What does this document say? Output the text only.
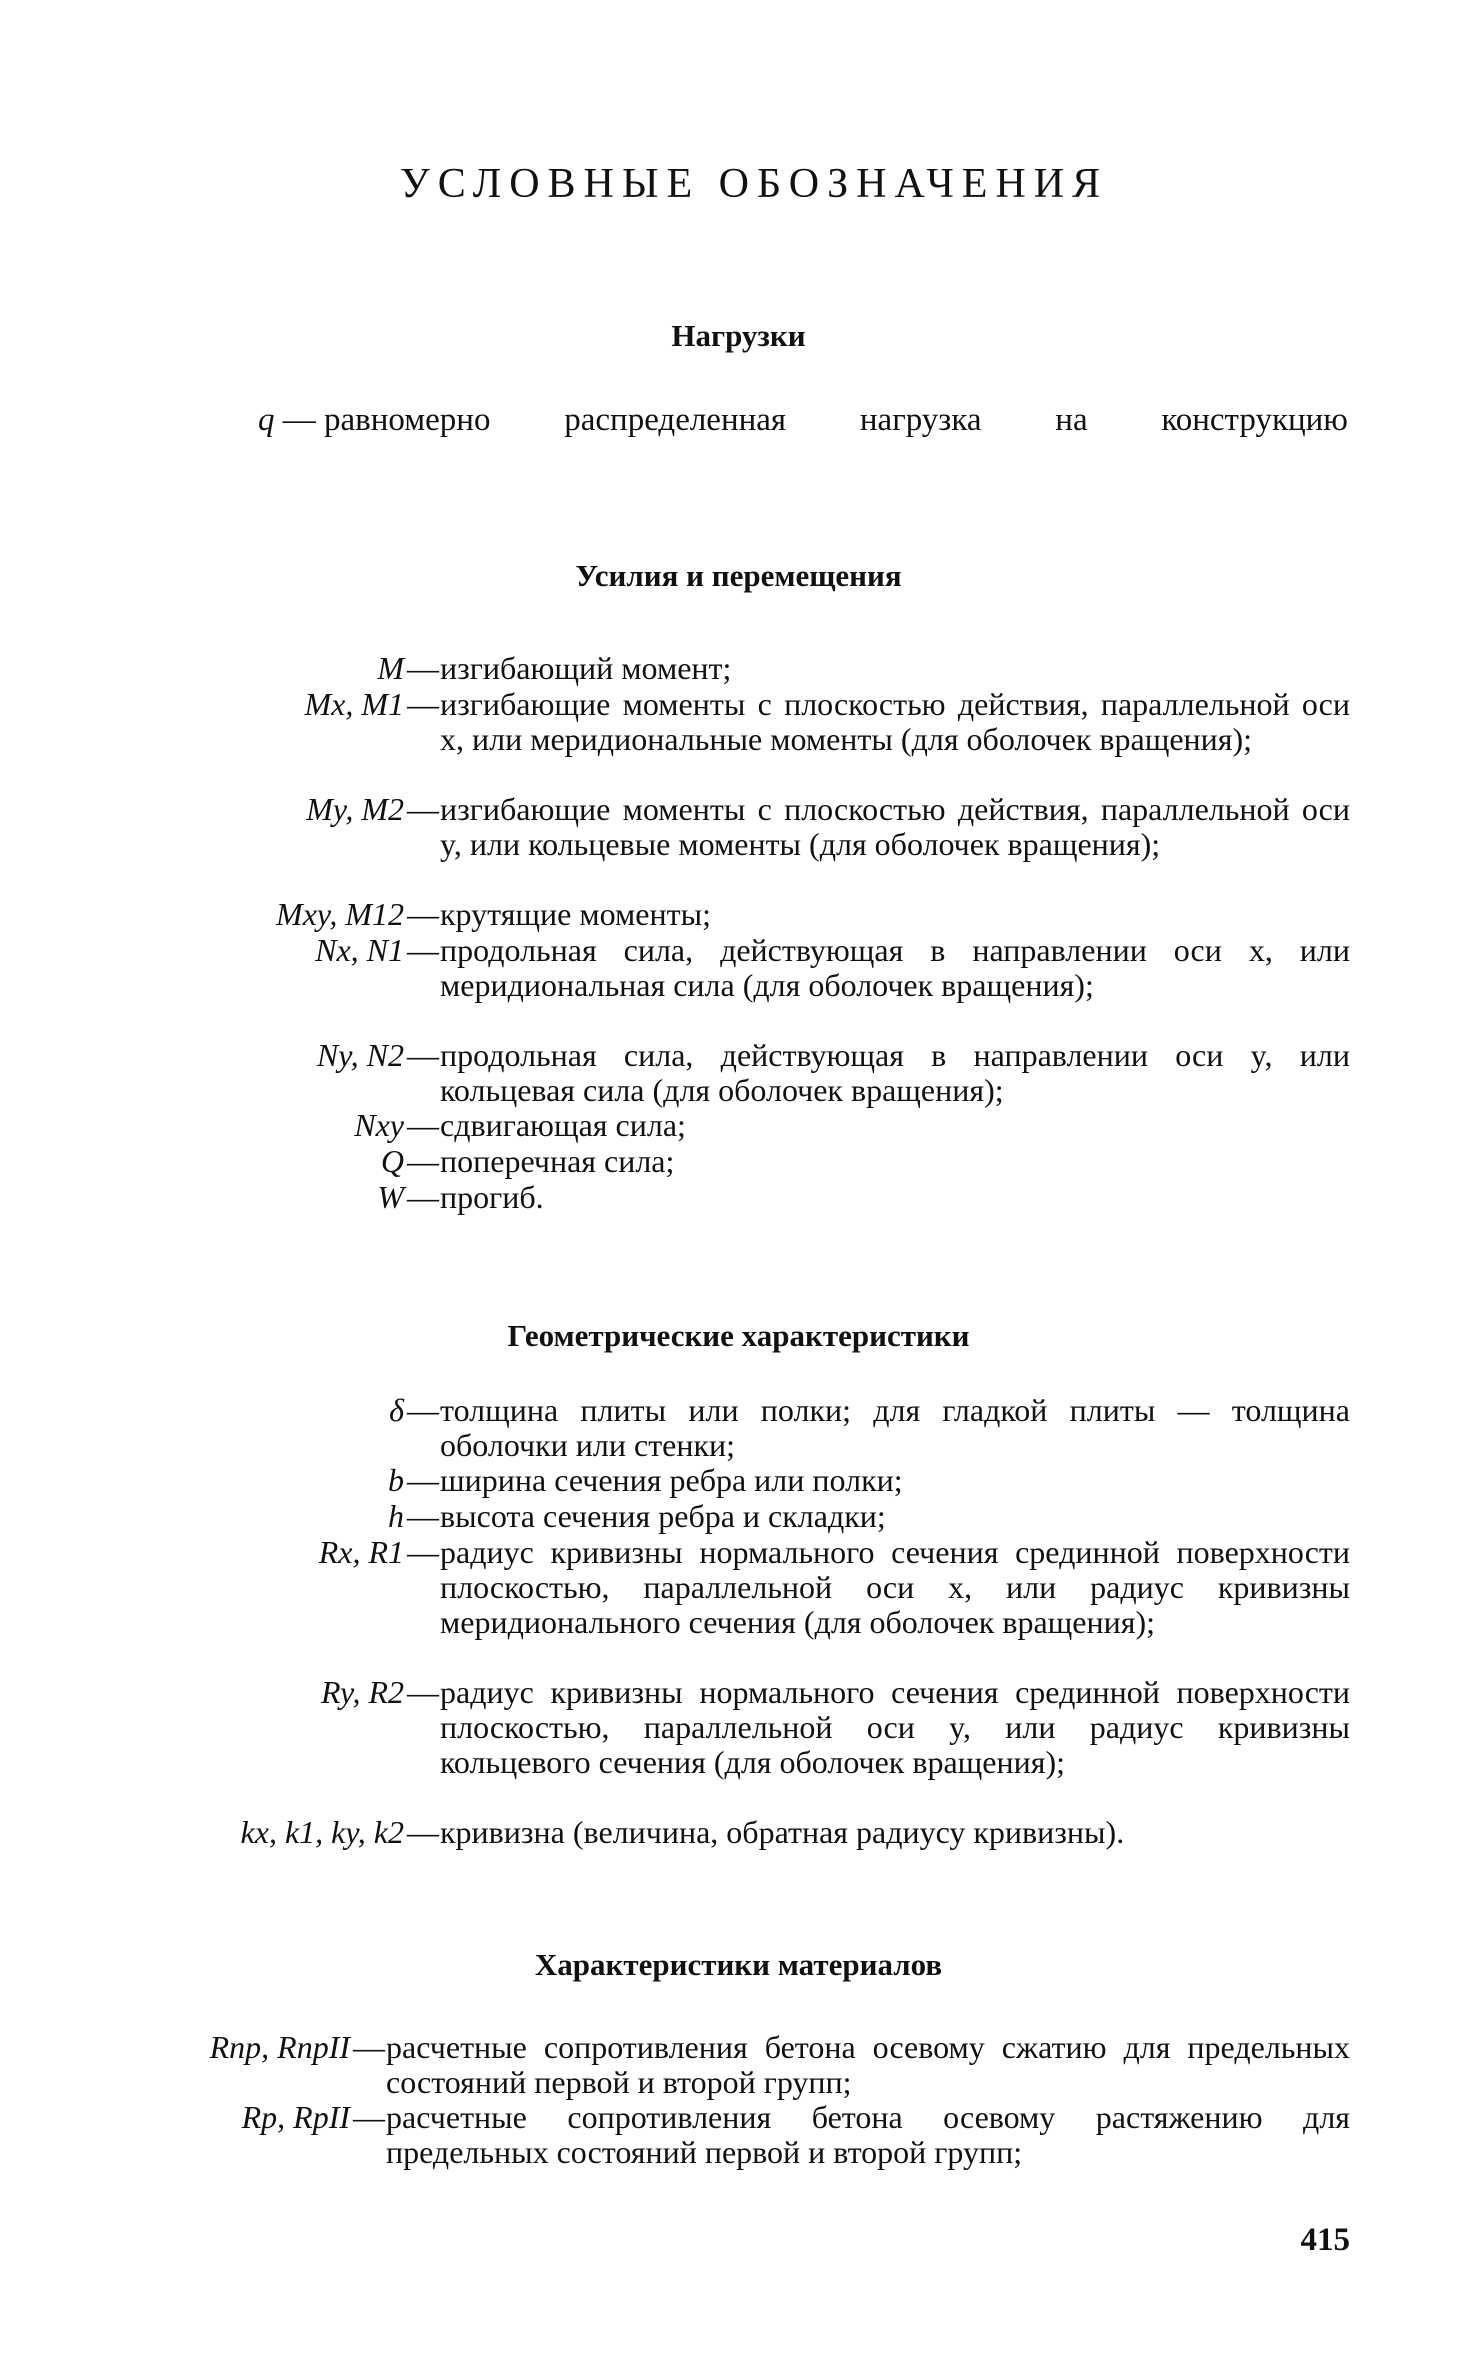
УСЛОВНЫЕ ОБОЗНАЧЕНИЯ
Нагрузки
q — равномерно распределенная нагрузка на конструкцию
Усилия и перемещения
M — изгибающий момент;
Mx, M1 — изгибающие моменты с плоскостью действия, параллельной оси x, или меридиональные моменты (для оболочек вращения);
My, M2 — изгибающие моменты с плоскостью действия, параллельной оси y, или кольцевые моменты (для оболочек вращения);
Mxy, M12 — крутящие моменты;
Nx, N1 — продольная сила, действующая в направлении оси x, или меридиональная сила (для оболочек вращения);
Ny, N2 — продольная сила, действующая в направлении оси y, или кольцевая сила (для оболочек вращения);
Nxy — сдвигающая сила;
Q — поперечная сила;
W — прогиб.
Геометрические характеристики
δ — толщина плиты или полки; для гладкой плиты — толщина оболочки или стенки;
b — ширина сечения ребра или полки;
h — высота сечения ребра и складки;
Rx, R1 — радиус кривизны нормального сечения срединной поверхности плоскостью, параллельной оси x, или радиус кривизны меридионального сечения (для оболочек вращения);
Ry, R2 — радиус кривизны нормального сечения срединной поверхности плоскостью, параллельной оси y, или радиус кривизны кольцевого сечения (для оболочек вращения);
kx, k1, ky, k2 — кривизна (величина, обратная радиусу кривизны).
Характеристики материалов
Rпр, RпрII — расчетные сопротивления бетона осевому сжатию для предельных состояний первой и второй групп;
Rр, RрII — расчетные сопротивления бетона осевому растяжению для предельных состояний первой и второй групп;
415
